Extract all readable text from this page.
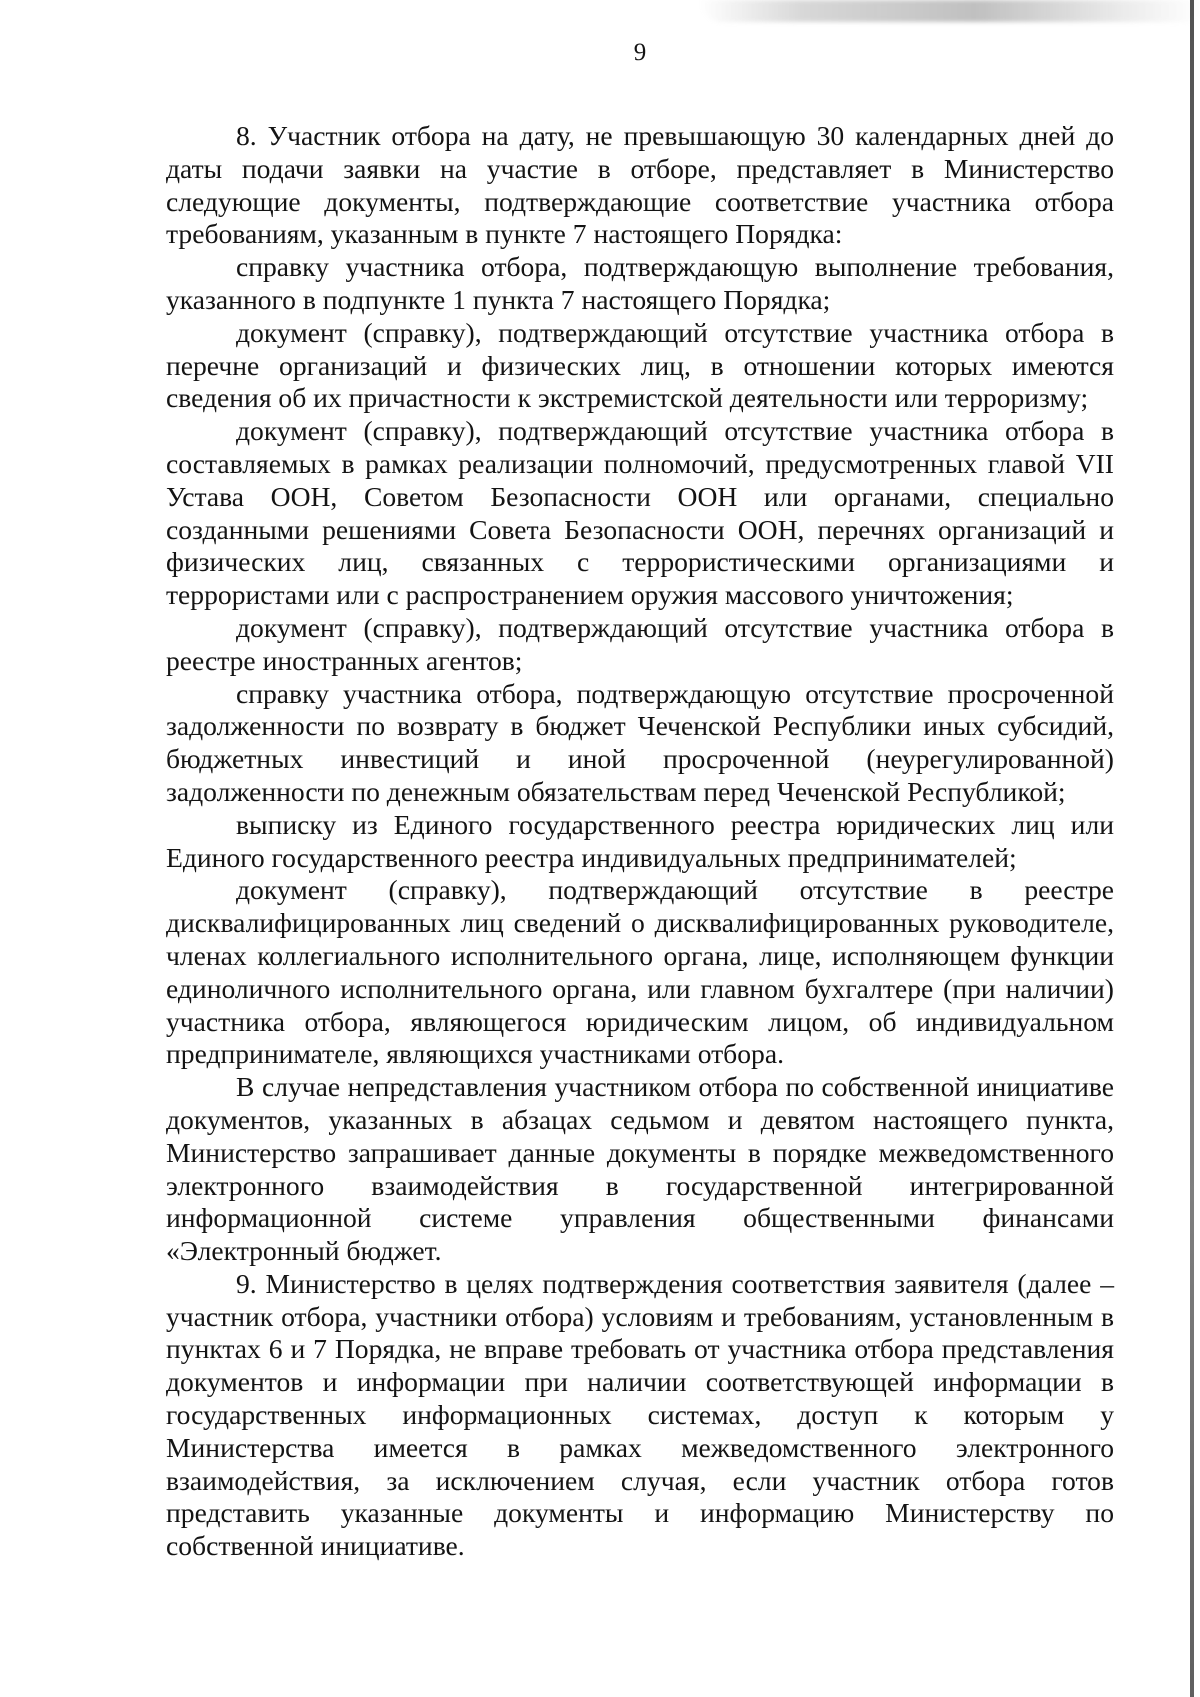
9

8. Участник отбора на дату, не превышающую 30 календарных дней до даты подачи заявки на участие в отборе, представляет в Министерство следующие документы, подтверждающие соответствие участника отбора требованиям, указанным в пункте 7 настоящего Порядка:

справку участника отбора, подтверждающую выполнение требования, указанного в подпункте 1 пункта 7 настоящего Порядка;

документ (справку), подтверждающий отсутствие участника отбора в перечне организаций и физических лиц, в отношении которых имеются сведения об их причастности к экстремистской деятельности или терроризму;

документ (справку), подтверждающий отсутствие участника отбора в составляемых в рамках реализации полномочий, предусмотренных главой VII Устава ООН, Советом Безопасности ООН или органами, специально созданными решениями Совета Безопасности ООН, перечнях организаций и физических лиц, связанных с террористическими организациями и террористами или с распространением оружия массового уничтожения;

документ (справку), подтверждающий отсутствие участника отбора в реестре иностранных агентов;

справку участника отбора, подтверждающую отсутствие просроченной задолженности по возврату в бюджет Чеченской Республики иных субсидий, бюджетных инвестиций и иной просроченной (неурегулированной) задолженности по денежным обязательствам перед Чеченской Республикой;

выписку из Единого государственного реестра юридических лиц или Единого государственного реестра индивидуальных предпринимателей;

документ (справку), подтверждающий отсутствие в реестре дисквалифицированных лиц сведений о дисквалифицированных руководителе, членах коллегиального исполнительного органа, лице, исполняющем функции единоличного исполнительного органа, или главном бухгалтере (при наличии) участника отбора, являющегося юридическим лицом, об индивидуальном предпринимателе, являющихся участниками отбора.

В случае непредставления участником отбора по собственной инициативе документов, указанных в абзацах седьмом и девятом настоящего пункта, Министерство запрашивает данные документы в порядке межведомственного электронного взаимодействия в государственной интегрированной информационной системе управления общественными финансами «Электронный бюджет.

9. Министерство в целях подтверждения соответствия заявителя (далее – участник отбора, участники отбора) условиям и требованиям, установленным в пунктах 6 и 7 Порядка, не вправе требовать от участника отбора представления документов и информации при наличии соответствующей информации в государственных информационных системах, доступ к которым у Министерства имеется в рамках межведомственного электронного взаимодействия, за исключением случая, если участник отбора готов представить указанные документы и информацию Министерству по собственной инициативе.
